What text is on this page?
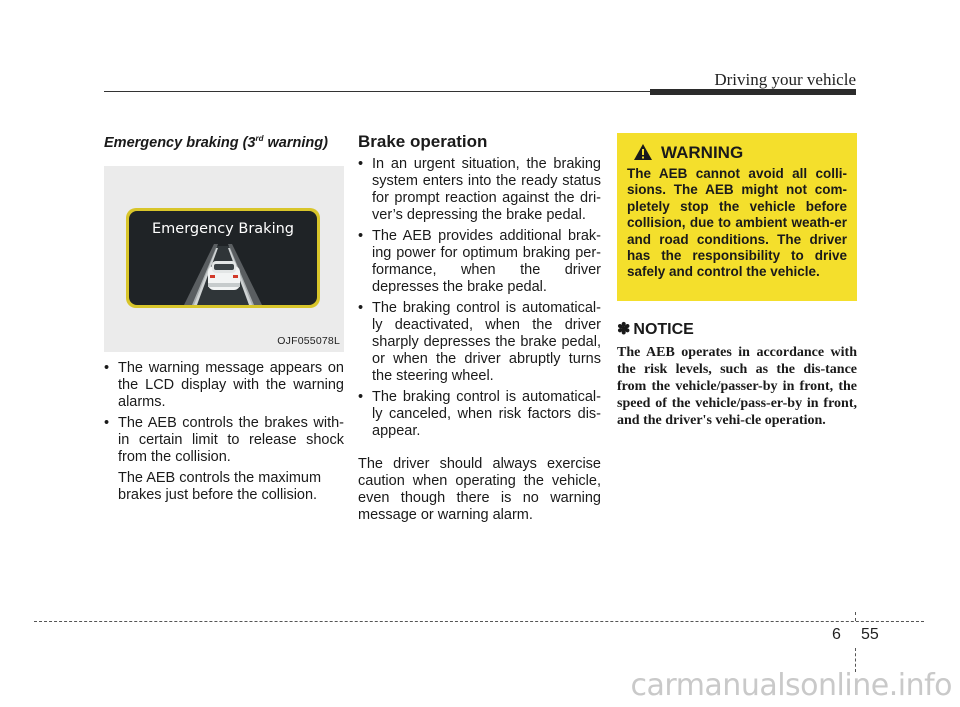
Driving your vehicle

Emergency braking (3rd warning)

Emergency Braking
OJF055078L
• The warning message appears on the LCD display with the warning alarms.
• The AEB controls the brakes with-in certain limit to release shock from the collision.
The AEB controls the maximum brakes just before the collision.

Brake operation

• In an urgent situation, the braking system enters into the ready status for prompt reaction against the dri-ver’s depressing the brake pedal.
• The AEB provides additional brak-ing power for optimum braking per-formance, when the driver depresses the brake pedal.
• The braking control is automatical-ly deactivated, when the driver sharply depresses the brake pedal, or when the driver abruptly turns the steering wheel.
• The braking control is automatical-ly canceled, when risk factors dis-appear.
The driver should always exercise caution when operating the vehicle, even though there is no warning message or warning alarm.
WARNING
The AEB cannot avoid all colli-sions. The AEB might not com-pletely stop the vehicle before collision, due to ambient weath-er and road conditions. The driver has the responsibility to drive safely and control the vehicle.
✽ NOTICE
The AEB operates in accordance with the risk levels, such as the dis-tance from the vehicle/passer-by in front, the speed of the vehicle/pass-er-by in front, and the driver's vehi-cle operation.
6 55
carmanualsonline.info
